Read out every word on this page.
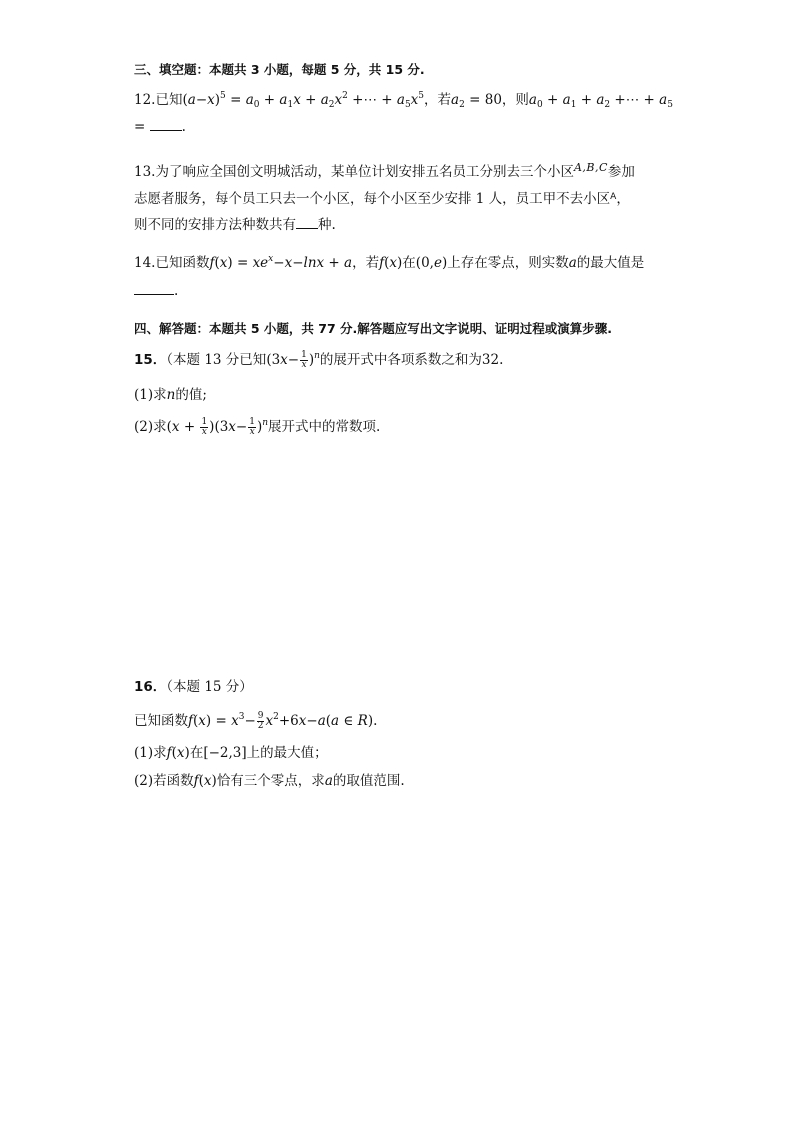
三、填空题：本题共 3 小题，每题 5 分，共 15 分.
12.已知$(a-x)^5 = a_0 + a_1x + a_2x^2$ +⋯ + $a_5x^5$，若$a_2 = 80$，则$a_0 + a_1 + a_2$ +⋯ + $a_5$
= .
13.为了响应全国创文明城活动，某单位计划安排五名员工分别去三个小区$^{A,B,C}$参加
志愿者服务，每个员工只去一个小区，每个小区至少安排 1 人，员工甲不去小区$^A$，
则不同的安排方法种数共有 种.
14.已知函数$f(x) = xe^x-x-\ln x + a$，若f(x)在(0,e)上存在零点，则实数a的最大值是
.
四、解答题：本题共 5 小题，共 77 分.解答题应写出文字说明、证明过程或演算步骤.
15．（本题 13 分已知$(3x- \frac{1}{x} )^n$的展开式中各项系数之和为32.
(1)求n的值;
(2)求$(x + \frac{1}{x} )(3x- \frac{1}{x} )^n$展开式中的常数项.
16．（本题 15 分）
已知函数$f(x) = x^3- \frac{9}{2} x^2+6x-a(a$ ∈ R).
(1)求f(x)在[−2,3]上的最大值；
(2)若函数f(x)恰有三个零点，求a的取值范围.
